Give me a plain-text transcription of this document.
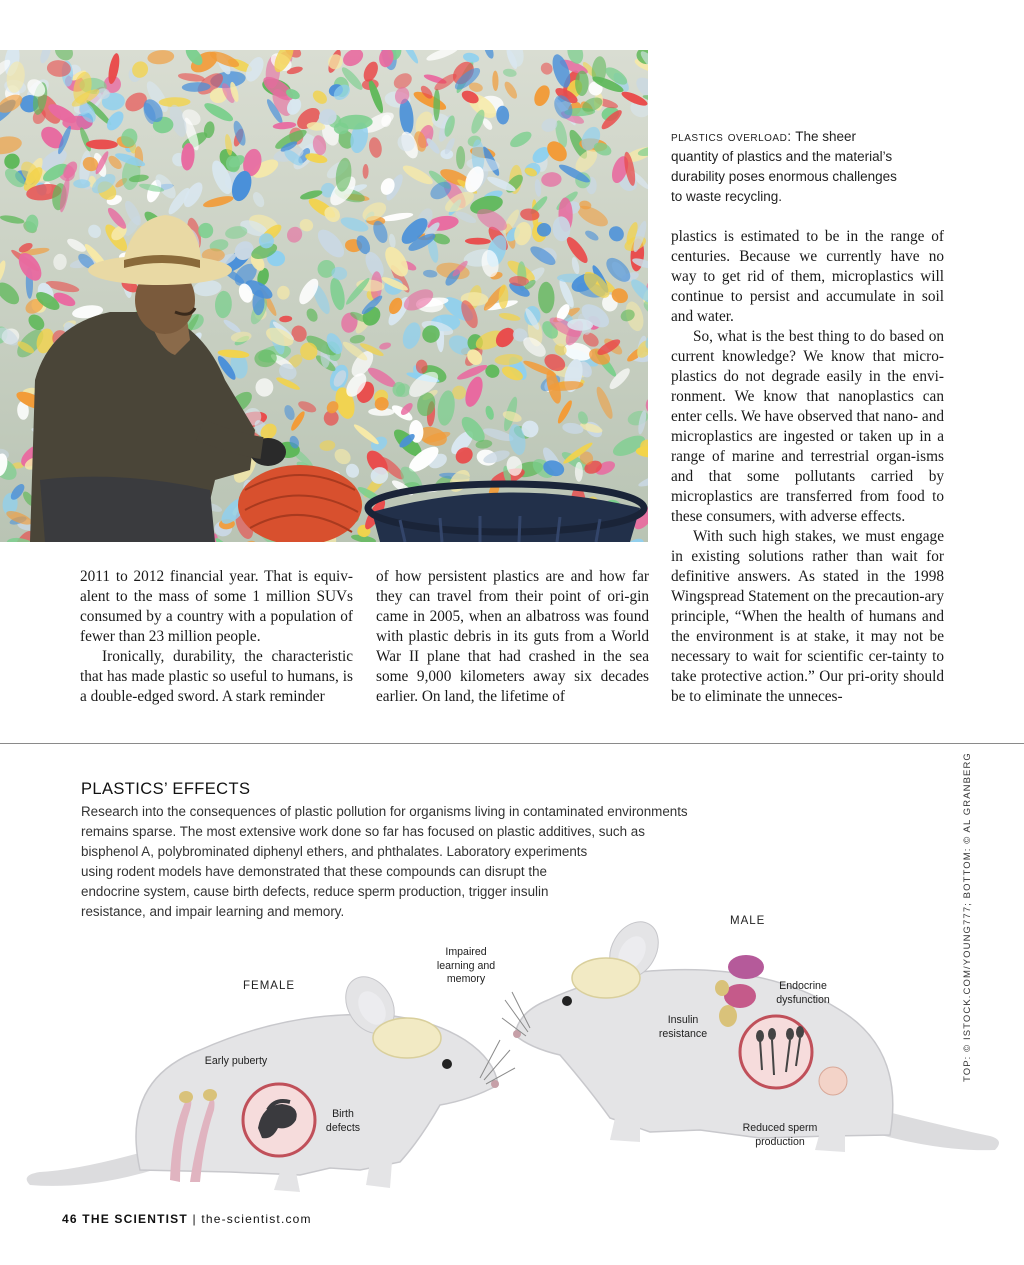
plastics overload: The sheer
quantity of plastics and the material’s
durability poses enormous challenges
to waste recycling.

2011 to 2012 financial year. That is equiv-alent to the mass of some 1 million SUVs consumed by a country with a population of fewer than 23 million people.

Ironically, durability, the characteristic that has made plastic so useful to humans, is a double-edged sword. A stark reminder

of how persistent plastics are and how far they can travel from their point of ori-gin came in 2005, when an albatross was found with plastic debris in its guts from a World War II plane that had crashed in the sea some 9,000 kilometers away six decades earlier. On land, the lifetime of

plastics is estimated to be in the range of centuries. Because we currently have no way to get rid of them, microplastics will continue to persist and accumulate in soil and water.

So, what is the best thing to do based on current knowledge? We know that micro-plastics do not degrade easily in the envi-ronment. We know that nanoplastics can enter cells. We have observed that nano- and microplastics are ingested or taken up in a range of marine and terrestrial organ-isms and that some pollutants carried by microplastics are transferred from food to these consumers, with adverse effects.

With such high stakes, we must engage in existing solutions rather than wait for definitive answers. As stated in the 1998 Wingspread Statement on the precaution-ary principle, “When the health of humans and the environment is at stake, it may not be necessary to wait for scientific cer-tainty to take protective action.” Our pri-ority should be to eliminate the unneces-

PLASTICS’ EFFECTS
Research into the consequences of plastic pollution for organisms living in contaminated environments
remains sparse. The most extensive work done so far has focused on plastic additives, such as
bisphenol A, polybrominated diphenyl ethers, and phthalates. Laboratory experiments
using rodent models have demonstrated that these compounds can disrupt the
endocrine system, cause birth defects, reduce sperm production, trigger insulin
resistance, and impair learning and memory.
FEMALE
MALE
Impaired
learning and
memory
Early puberty
Birth
defects
Insulin
resistance
Endocrine
dysfunction
Reduced sperm
production
TOP: © ISTOCK.COM/YOUNG777; BOTTOM: © AL GRANBERG
46 THE SCIENTIST | the-scientist.com
